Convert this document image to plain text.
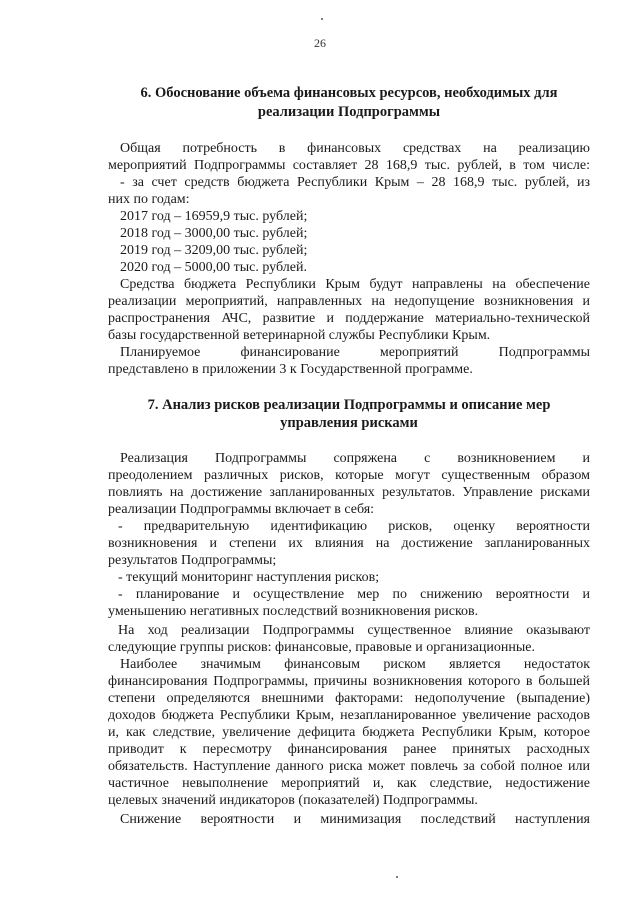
26
6. Обоснование объема финансовых ресурсов, необходимых для
реализации Подпрограммы
Общая потребность в финансовых средствах на реализацию
мероприятий Подпрограммы составляет 28 168,9 тыс. рублей, в том числе:
- за счет средств бюджета Республики Крым – 28 168,9 тыс. рублей, из
них по годам:
2017 год – 16959,9 тыс. рублей;
2018 год – 3000,00 тыс. рублей;
2019 год – 3209,00 тыс. рублей;
2020 год – 5000,00 тыс. рублей.
Средства бюджета Республики Крым будут направлены на обеспечение
реализации мероприятий, направленных на недопущение возникновения и
распространения АЧС, развитие и поддержание материально-технической
базы государственной ветеринарной службы Республики Крым.
Планируемое финансирование мероприятий Подпрограммы
представлено в приложении 3 к Государственной программе.
7. Анализ рисков реализации Подпрограммы и описание мер
управления рисками
Реализация Подпрограммы сопряжена с возникновением и
преодолением различных рисков, которые могут существенным образом
повлиять на достижение запланированных результатов. Управление рисками
реализации Подпрограммы включает в себя:
- предварительную идентификацию рисков, оценку вероятности
возникновения и степени их влияния на достижение запланированных
результатов Подпрограммы;
- текущий мониторинг наступления рисков;
- планирование и осуществление мер по снижению вероятности и
уменьшению негативных последствий возникновения рисков.
На ход реализации Подпрограммы существенное влияние оказывают
следующие группы рисков: финансовые, правовые и организационные.
Наиболее значимым финансовым риском является недостаток
финансирования Подпрограммы, причины возникновения которого в большей
степени определяются внешними факторами: недополучение (выпадение)
доходов бюджета Республики Крым, незапланированное увеличение расходов
и, как следствие, увеличение дефицита бюджета Республики Крым, которое
приводит к пересмотру финансирования ранее принятых расходных
обязательств. Наступление данного риска может повлечь за собой полное или
частичное невыполнение мероприятий и, как следствие, недостижение
целевых значений индикаторов (показателей) Подпрограммы.
Снижение вероятности и минимизация последствий наступления
